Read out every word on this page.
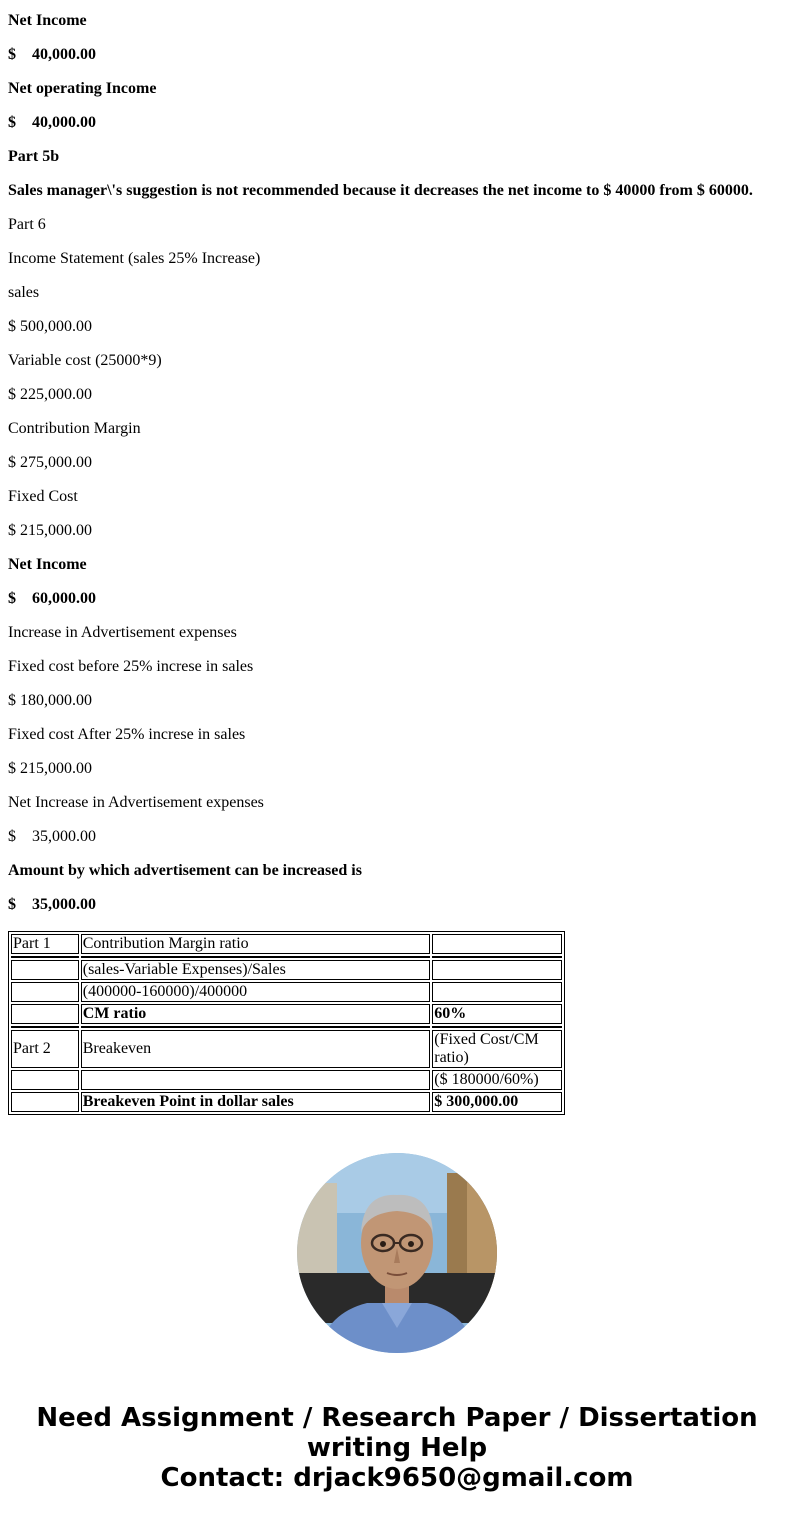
Net Income

$    40,000.00

Net operating Income

$    40,000.00

Part 5b

Sales manager\'s suggestion is not recommended because it decreases the net income to $ 40000 from $ 60000.

Part 6

Income Statement (sales 25% Increase)

sales

$ 500,000.00

Variable cost (25000*9)

$ 225,000.00

Contribution Margin

$ 275,000.00

Fixed Cost

$ 215,000.00

Net Income

$    60,000.00

Increase in Advertisement expenses

Fixed cost before 25% increse in sales

$ 180,000.00

Fixed cost After 25% increse in sales

$ 215,000.00

Net Increase in Advertisement expenses

$    35,000.00

Amount by which advertisement can be increased is

$    35,000.00

Part 1	Contribution Margin ratio	

	(sales-Variable Expenses)/Sales	
	(400000-160000)/400000	
	CM ratio	60%

Part 2	Breakeven	(Fixed Cost/CM ratio)
		($ 180000/60%)
	Breakeven Point in dollar sales	$ 300,000.00
Need Assignment / Research Paper / Dissertation writing Help
Contact: drjack9650@gmail.com
